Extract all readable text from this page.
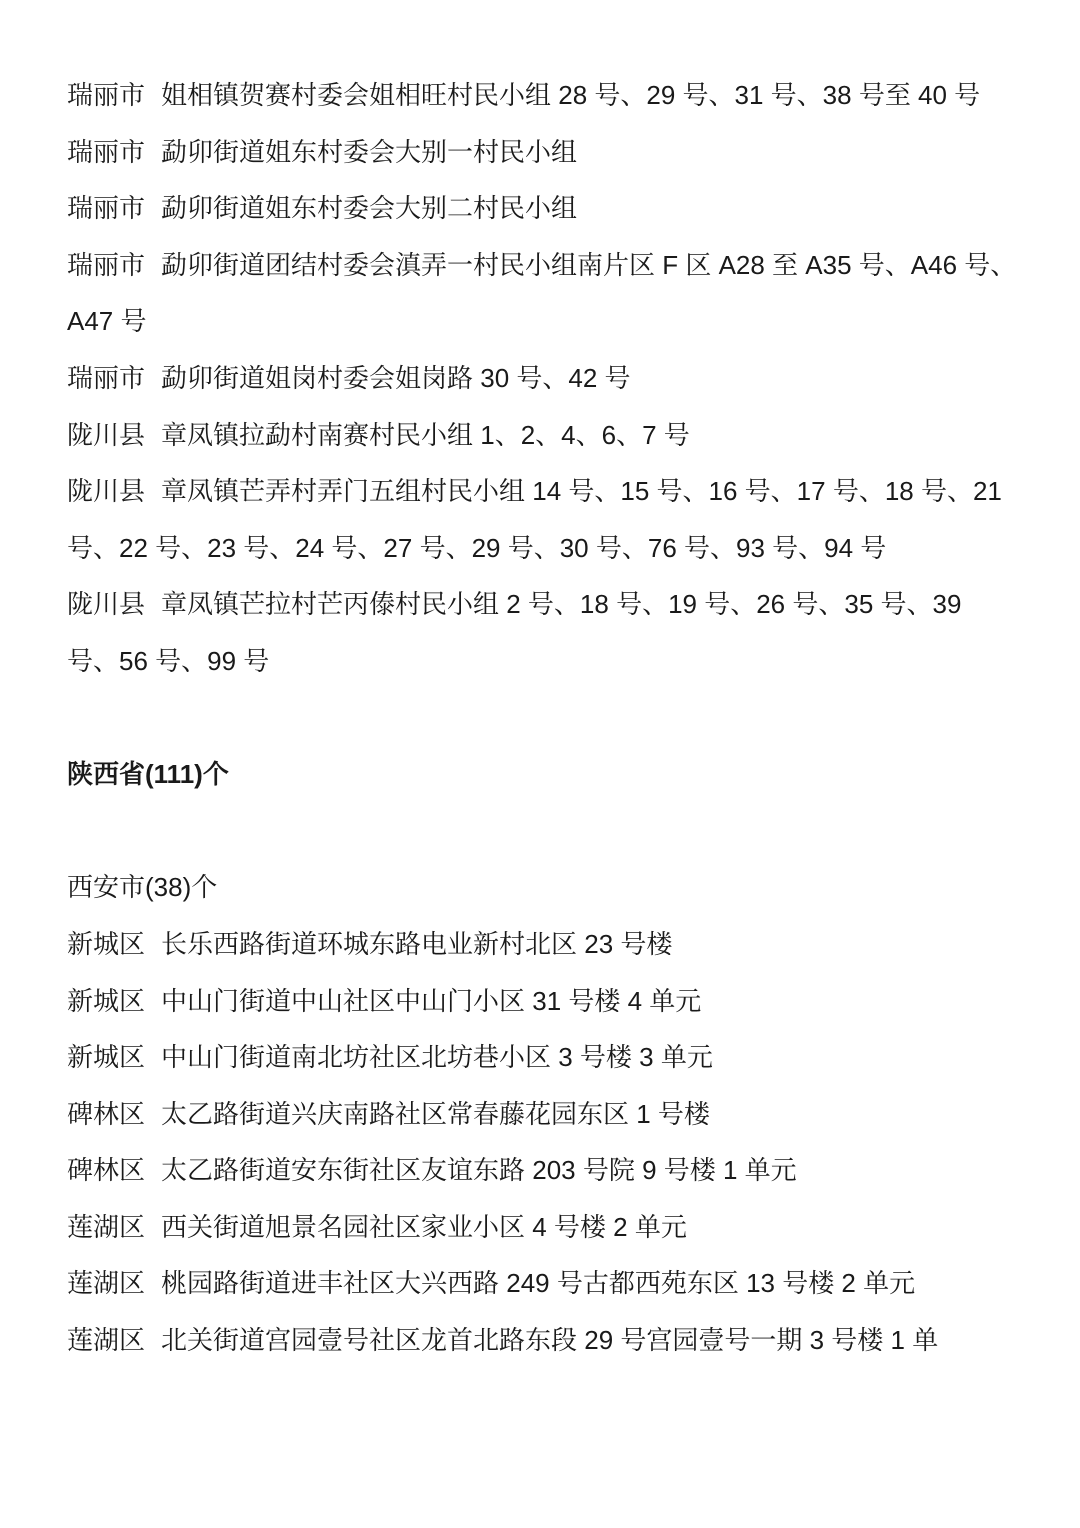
瑞丽市 姐相镇贺赛村委会姐相旺村民小组 28 号、29 号、31 号、38 号至 40 号

瑞丽市 勐卯街道姐东村委会大别一村民小组

瑞丽市 勐卯街道姐东村委会大别二村民小组

瑞丽市 勐卯街道团结村委会滇弄一村民小组南片区 F 区 A28 至 A35 号、A46 号、A47 号

瑞丽市 勐卯街道姐岗村委会姐岗路 30 号、42 号

陇川县 章凤镇拉勐村南赛村民小组 1、2、4、6、7 号

陇川县 章凤镇芒弄村弄门五组村民小组 14 号、15 号、16 号、17 号、18 号、21 号、22 号、23 号、24 号、27 号、29 号、30 号、76 号、93 号、94 号

陇川县 章凤镇芒拉村芒丙傣村民小组 2 号、18 号、19 号、26 号、35 号、39 号、56 号、99 号

陕西省(111)个

西安市(38)个

新城区 长乐西路街道环城东路电业新村北区 23 号楼

新城区 中山门街道中山社区中山门小区 31 号楼 4 单元

新城区 中山门街道南北坊社区北坊巷小区 3 号楼 3 单元

碑林区 太乙路街道兴庆南路社区常春藤花园东区 1 号楼

碑林区 太乙路街道安东街社区友谊东路 203 号院 9 号楼 1 单元

莲湖区 西关街道旭景名园社区家业小区 4 号楼 2 单元

莲湖区 桃园路街道进丰社区大兴西路 249 号古都西苑东区 13 号楼 2 单元

莲湖区 北关街道宫园壹号社区龙首北路东段 29 号宫园壹号一期 3 号楼 1 单
